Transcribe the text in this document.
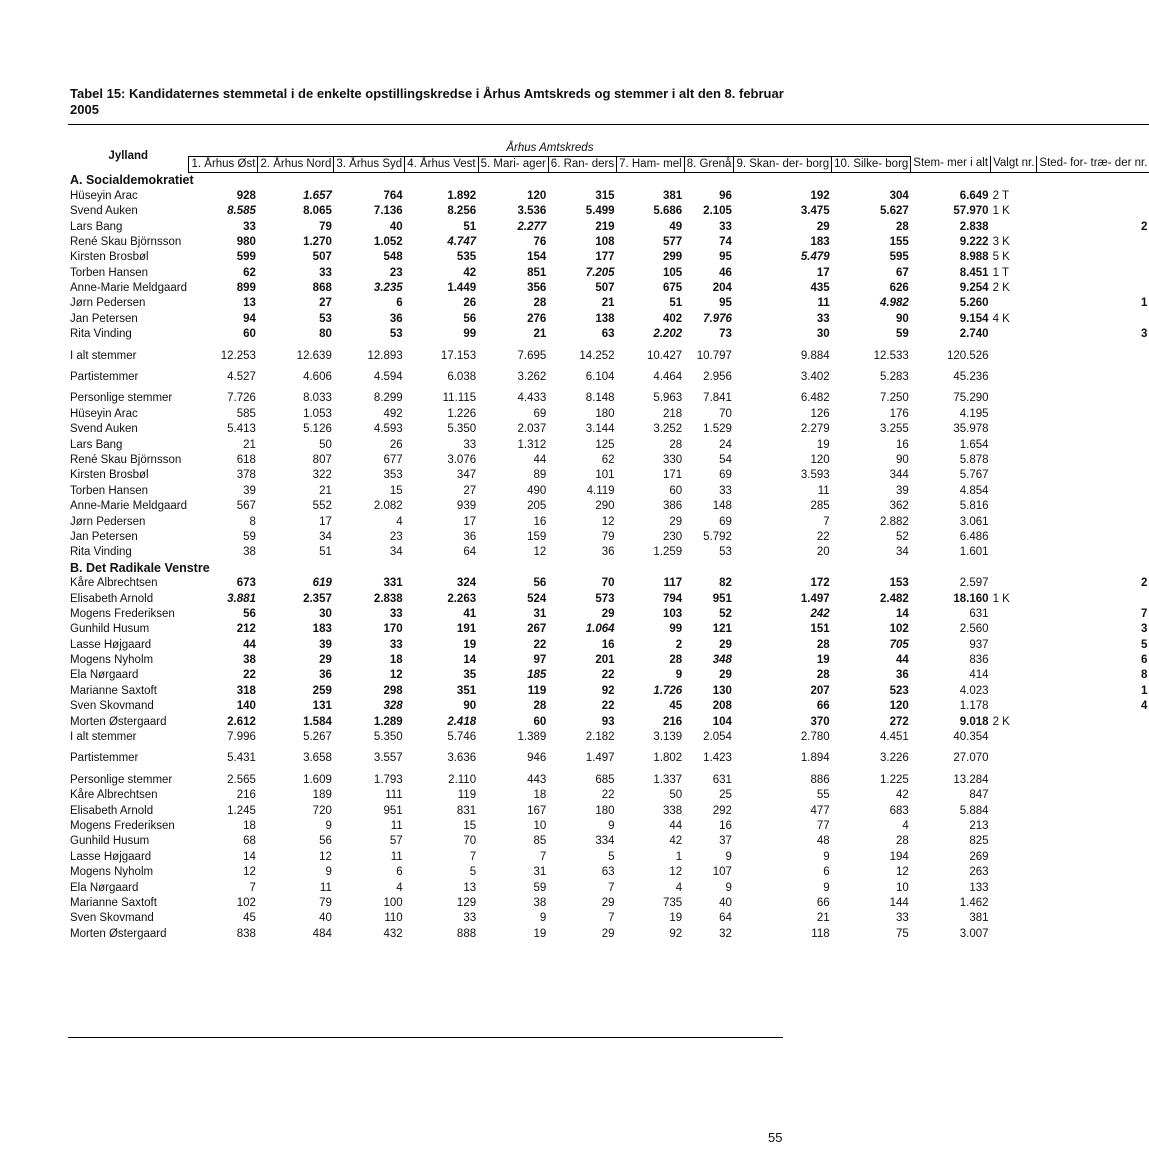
Tabel 15: Kandidaternes stemmetal i de enkelte opstillingskredse i Århus Amtskreds og stemmer i alt den 8. februar 2005

Jylland	Århus Amtskreds												
	1. Århus Øst	2. Århus Nord	3. Århus Syd	4. Århus Vest	5. Mari- ager	6. Ran- ders	7. Ham- mel	8. Grenå	9. Skan- der- borg	10. Silke- borg	Stem- mer i alt	Valgt nr.	Sted- for- træ- der nr.
A. Socialdemokratiet													
Hüseyin Arac	928	1.657	764	1.892	120	315	381	96	192	304	6.649	2 T	
Svend Auken	8.585	8.065	7.136	8.256	3.536	5.499	5.686	2.105	3.475	5.627	57.970	1 K	
Lars Bang	33	79	40	51	2.277	219	49	33	29	28	2.838		2
René Skau Björnsson	980	1.270	1.052	4.747	76	108	577	74	183	155	9.222	3 K	
Kirsten Brosbøl	599	507	548	535	154	177	299	95	5.479	595	8.988	5 K	
Torben Hansen	62	33	23	42	851	7.205	105	46	17	67	8.451	1 T	
Anne-Marie Meldgaard	899	868	3.235	1.449	356	507	675	204	435	626	9.254	2 K	
Jørn Pedersen	13	27	6	26	28	21	51	95	11	4.982	5.260		1
Jan Petersen	94	53	36	56	276	138	402	7.976	33	90	9.154	4 K	
Rita Vinding	60	80	53	99	21	63	2.202	73	30	59	2.740		3

I alt stemmer	12.253	12.639	12.893	17.153	7.695	14.252	10.427	10.797	9.884	12.533	120.526		

Partistemmer	4.527	4.606	4.594	6.038	3.262	6.104	4.464	2.956	3.402	5.283	45.236		

Personlige stemmer	7.726	8.033	8.299	11.115	4.433	8.148	5.963	7.841	6.482	7.250	75.290		
Hüseyin Arac	585	1.053	492	1.226	69	180	218	70	126	176	4.195		
Svend Auken	5.413	5.126	4.593	5.350	2.037	3.144	3.252	1.529	2.279	3.255	35.978		
Lars Bang	21	50	26	33	1.312	125	28	24	19	16	1.654		
René Skau Björnsson	618	807	677	3.076	44	62	330	54	120	90	5.878		
Kirsten Brosbøl	378	322	353	347	89	101	171	69	3.593	344	5.767		
Torben Hansen	39	21	15	27	490	4.119	60	33	11	39	4.854		
Anne-Marie Meldgaard	567	552	2.082	939	205	290	386	148	285	362	5.816		
Jørn Pedersen	8	17	4	17	16	12	29	69	7	2.882	3.061		
Jan Petersen	59	34	23	36	159	79	230	5.792	22	52	6.486		
Rita Vinding	38	51	34	64	12	36	1.259	53	20	34	1.601		
B. Det Radikale Venstre													
Kåre Albrechtsen	673	619	331	324	56	70	117	82	172	153	2.597		2
Elisabeth Arnold	3.881	2.357	2.838	2.263	524	573	794	951	1.497	2.482	18.160	1 K	
Mogens Frederiksen	56	30	33	41	31	29	103	52	242	14	631		7
Gunhild Husum	212	183	170	191	267	1.064	99	121	151	102	2.560		3
Lasse Højgaard	44	39	33	19	22	16	2	29	28	705	937		5
Mogens Nyholm	38	29	18	14	97	201	28	348	19	44	836		6
Ela Nørgaard	22	36	12	35	185	22	9	29	28	36	414		8
Marianne Saxtoft	318	259	298	351	119	92	1.726	130	207	523	4.023		1
Sven Skovmand	140	131	328	90	28	22	45	208	66	120	1.178		4
Morten Østergaard	2.612	1.584	1.289	2.418	60	93	216	104	370	272	9.018	2 K	
I alt stemmer	7.996	5.267	5.350	5.746	1.389	2.182	3.139	2.054	2.780	4.451	40.354		

Partistemmer	5.431	3.658	3.557	3.636	946	1.497	1.802	1.423	1.894	3.226	27.070		

Personlige stemmer	2.565	1.609	1.793	2.110	443	685	1.337	631	886	1.225	13.284		
Kåre Albrechtsen	216	189	111	119	18	22	50	25	55	42	847		
Elisabeth Arnold	1.245	720	951	831	167	180	338	292	477	683	5.884		
Mogens Frederiksen	18	9	11	15	10	9	44	16	77	4	213		
Gunhild Husum	68	56	57	70	85	334	42	37	48	28	825		
Lasse Højgaard	14	12	11	7	7	5	1	9	9	194	269		
Mogens Nyholm	12	9	6	5	31	63	12	107	6	12	263		
Ela Nørgaard	7	11	4	13	59	7	4	9	9	10	133		
Marianne Saxtoft	102	79	100	129	38	29	735	40	66	144	1.462		
Sven Skovmand	45	40	110	33	9	7	19	64	21	33	381		
Morten Østergaard	838	484	432	888	19	29	92	32	118	75	3.007		
55
